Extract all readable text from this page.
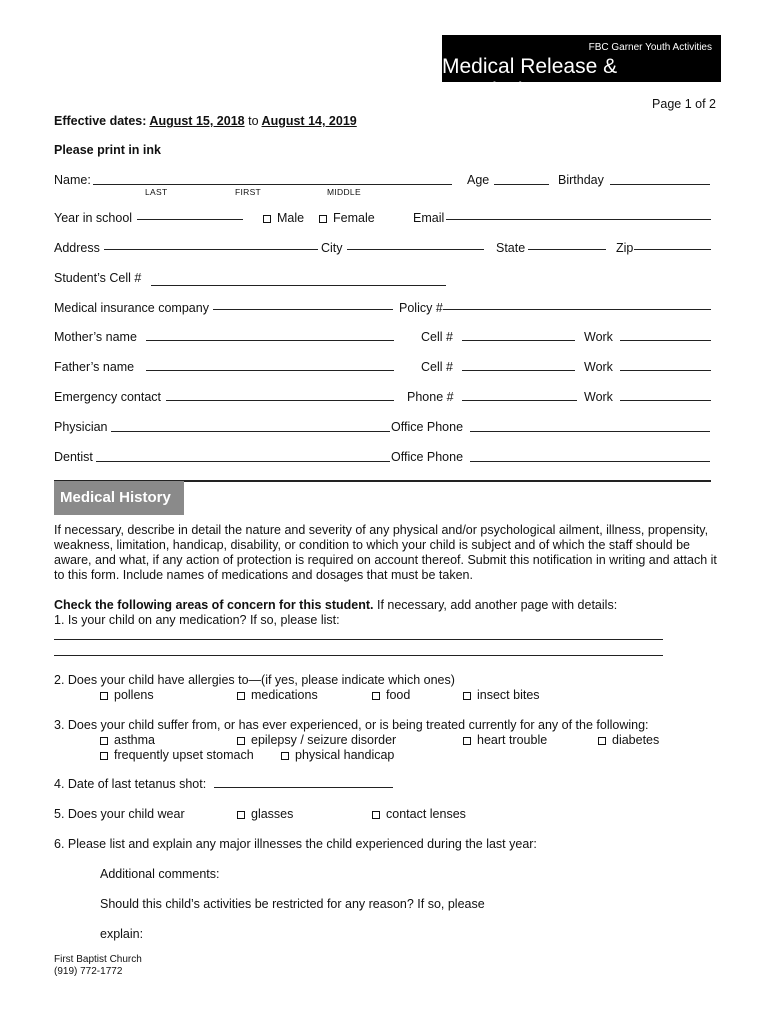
FBC Garner Youth Activities
Medical Release & Permission
Page 1 of 2
Effective dates: August 15, 2018 to August 14, 2019
Please print in ink
Name:
LAST	FIRST	MIDDLE
Age	Birthday
Year in school	Male	Female	Email
Address	City	State	Zip
Student’s Cell #
Medical insurance company	Policy #
Mother’s name	Cell #	Work
Father’s name	Cell #	Work
Emergency contact	Phone #	Work
Physician	Office Phone
Dentist	Office Phone
Medical History
If necessary, describe in detail the nature and severity of any physical and/or psychological ailment, illness, propensity, weakness, limitation, handicap, disability, or condition to which your child is subject and of which the staff should be aware, and what, if any action of protection is required on account thereof. Submit this notification in writing and attach it to this form. Include names of medications and dosages that must be taken.
Check the following areas of concern for this student. If necessary, add another page with details:
1. Is your child on any medication? If so, please list:
2. Does your child have allergies to—(if yes, please indicate which ones)
pollens	medications	food	insect bites
3. Does your child suffer from, or has ever experienced, or is being treated currently for any of the following:
asthma	epilepsy / seizure disorder	heart trouble	diabetes
frequently upset stomach	physical handicap
4. Date of last tetanus shot:
5. Does your child wear	glasses	contact lenses
6. Please list and explain any major illnesses the child experienced during the last year:
Additional comments:
Should this child’s activities be restricted for any reason? If so, please
explain:
First Baptist Church
(919) 772-1772
